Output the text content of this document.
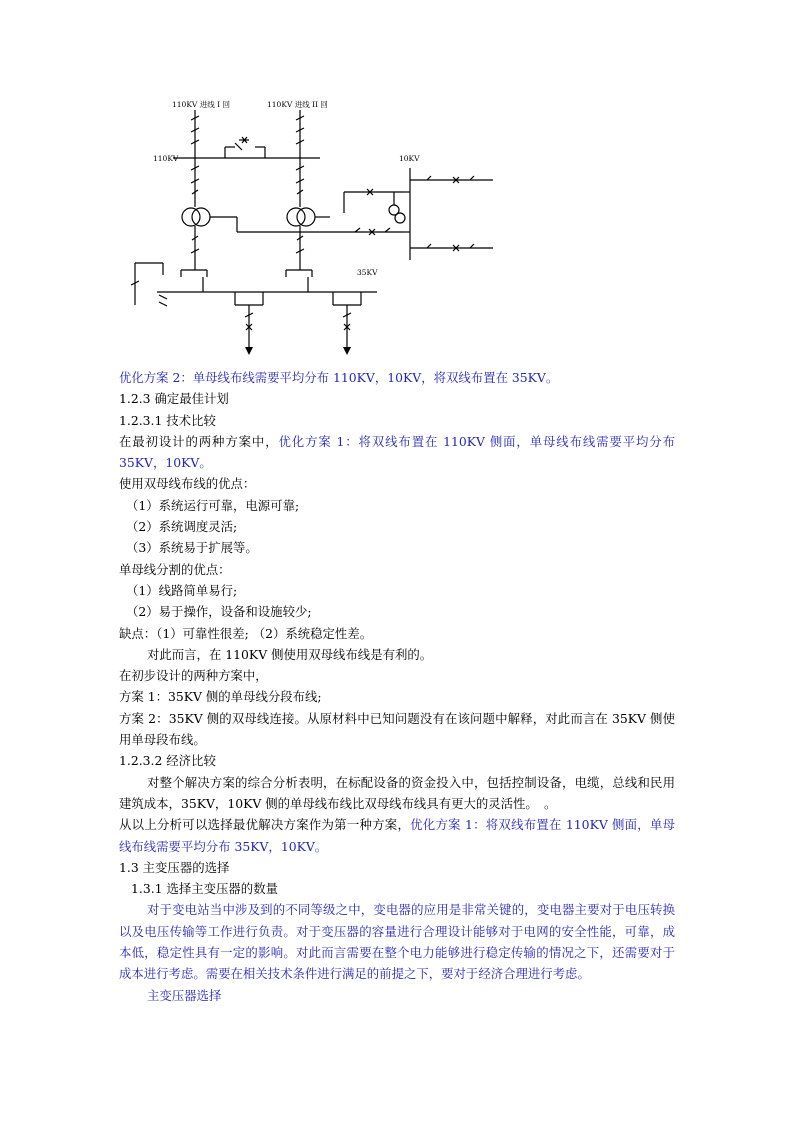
110KV 进线 I 回	110KV 进线 II 回
110KV	10KV
35KV
优化方案 2：单母线布线需要平均分布 110KV，10KV，将双线布置在 35KV。
1.2.3 确定最佳计划
1.2.3.1 技术比较
在最初设计的两种方案中，优化方案 1：将双线布置在 110KV 侧面，单母线布线需要平均分布 35KV，10KV。
使用双母线布线的优点：
（1）系统运行可靠，电源可靠;
（2）系统调度灵活;
（3）系统易于扩展等。
单母线分割的优点：
（1）线路简单易行;
（2）易于操作，设备和设施较少;
缺点：（1）可靠性很差; （2）系统稳定性差。
对此而言，在 110KV 侧使用双母线布线是有利的。
在初步设计的两种方案中，
方案 1：35KV 侧的单母线分段布线;
方案 2：35KV 侧的双母线连接。从原材料中已知问题没有在该问题中解释，对此而言在 35KV 侧使用单母段布线。
1.2.3.2 经济比较
对整个解决方案的综合分析表明，在标配设备的资金投入中，包括控制设备，电缆，总线和民用建筑成本，35KV，10KV 侧的单母线布线比双母线布线具有更大的灵活性。　。
从以上分析可以选择最优解决方案作为第一种方案，优化方案 1：将双线布置在 110KV 侧面，单母线布线需要平均分布 35KV，10KV。
1.3 主变压器的选择
1.3.1 选择主变压器的数量
对于变电站当中涉及到的不同等级之中，变电器的应用是非常关键的，变电器主要对于电压转换以及电压传输等工作进行负责。对于变压器的容量进行合理设计能够对于电网的安全性能，可靠，成本低，稳定性具有一定的影响。对此而言需要在整个电力能够进行稳定传输的情况之下，还需要对于成本进行考虑。需要在相关技术条件进行满足的前提之下，要对于经济合理进行考虑。
主变压器选择
